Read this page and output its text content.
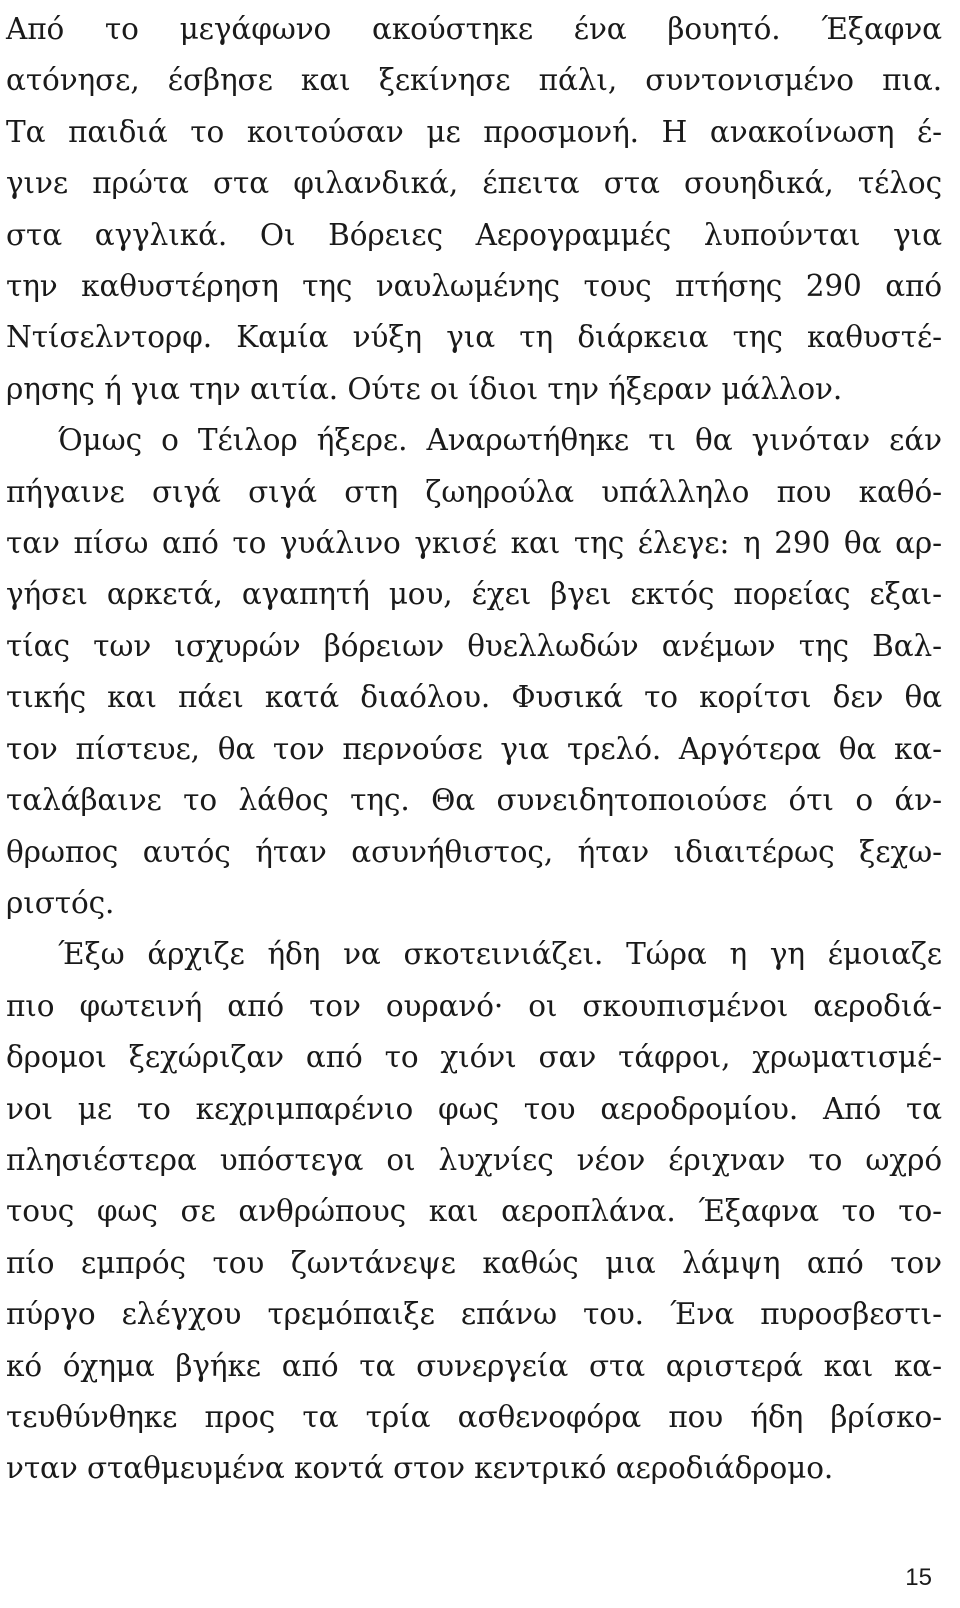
Από το μεγάφωνο ακούστηκε ένα βουητό. Έξαφνα
ατόνησε, έσβησε και ξεκίνησε πάλι, συντονισμένο πια.
Τα παιδιά το κοιτούσαν με προσμονή. Η ανακοίνωση έ-
γινε πρώτα στα φιλανδικά, έπειτα στα σουηδικά, τέλος
στα αγγλικά. Οι Βόρειες Αερογραμμές λυπούνται για
την καθυστέρηση της ναυλωμένης τους πτήσης 290 από
Ντίσελντορφ. Καμία νύξη για τη διάρκεια της καθυστέ-
ρησης ή για την αιτία. Ούτε οι ίδιοι την ήξεραν μάλλον.
Όμως ο Τέιλορ ήξερε. Αναρωτήθηκε τι θα γινόταν εάν
πήγαινε σιγά σιγά στη ζωηρούλα υπάλληλο που καθό-
ταν πίσω από το γυάλινο γκισέ και της έλεγε: η 290 θα αρ-
γήσει αρκετά, αγαπητή μου, έχει βγει εκτός πορείας εξαι-
τίας των ισχυρών βόρειων θυελλωδών ανέμων της Βαλ-
τικής και πάει κατά διαόλου. Φυσικά το κορίτσι δεν θα
τον πίστευε, θα τον περνούσε για τρελό. Αργότερα θα κα-
ταλάβαινε το λάθος της. Θα συνειδητοποιούσε ότι ο άν-
θρωπος αυτός ήταν ασυνήθιστος, ήταν ιδιαιτέρως ξεχω-
ριστός.
Έξω άρχιζε ήδη να σκοτεινιάζει. Τώρα η γη έμοιαζε
πιο φωτεινή από τον ουρανό· οι σκουπισμένοι αεροδιά-
δρομοι ξεχώριζαν από το χιόνι σαν τάφροι, χρωματισμέ-
νοι με το κεχριμπαρένιο φως του αεροδρομίου. Από τα
πλησιέστερα υπόστεγα οι λυχνίες νέον έριχναν το ωχρό
τους φως σε ανθρώπους και αεροπλάνα. Έξαφνα το το-
πίο εμπρός του ζωντάνεψε καθώς μια λάμψη από τον
πύργο ελέγχου τρεμόπαιξε επάνω του. Ένα πυροσβεστι-
κό όχημα βγήκε από τα συνεργεία στα αριστερά και κα-
τευθύνθηκε προς τα τρία ασθενοφόρα που ήδη βρίσκο-
νταν σταθμευμένα κοντά στον κεντρικό αεροδιάδρομο.
15
